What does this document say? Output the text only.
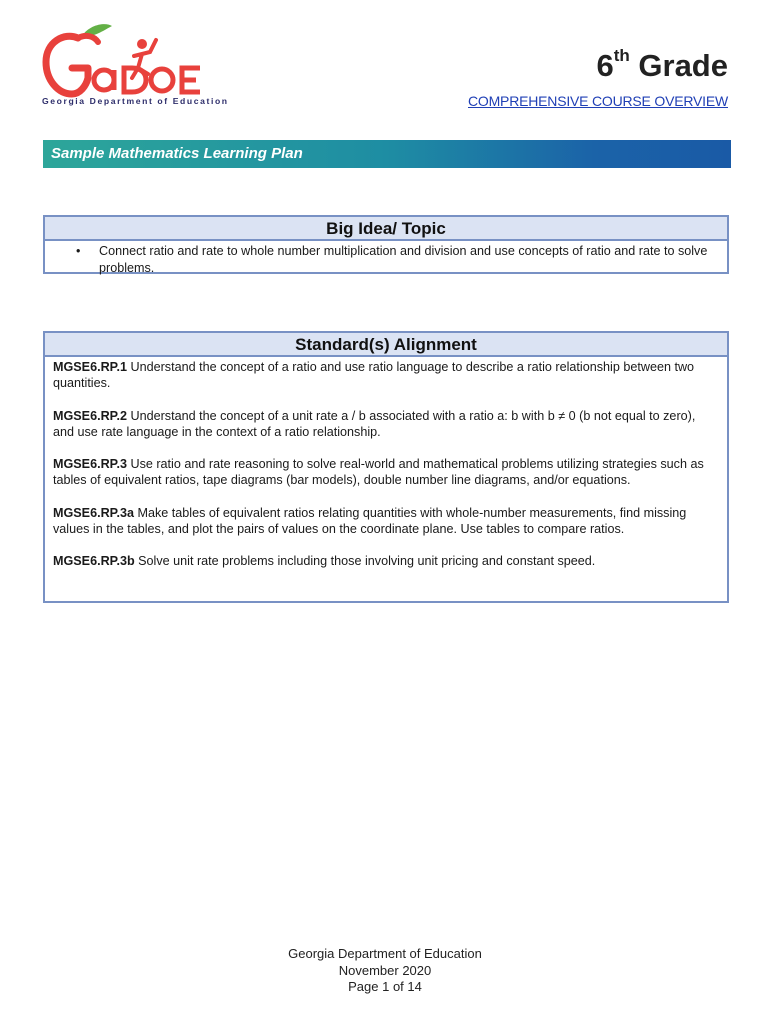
Georgia Department of Education
6th Grade
COMPREHENSIVE COURSE OVERVIEW
Sample Mathematics Learning Plan
Big Idea/ Topic
• Connect ratio and rate to whole number multiplication and division and use concepts of ratio and rate to solve problems.
Standard(s) Alignment

MGSE6.RP.1 Understand the concept of a ratio and use ratio language to describe a ratio relationship between two quantities.

MGSE6.RP.2 Understand the concept of a unit rate a / b associated with a ratio a: b with b ≠ 0 (b not equal to zero), and use rate language in the context of a ratio relationship.

MGSE6.RP.3 Use ratio and rate reasoning to solve real-world and mathematical problems utilizing strategies such as tables of equivalent ratios, tape diagrams (bar models), double number line diagrams, and/or equations.

MGSE6.RP.3a Make tables of equivalent ratios relating quantities with whole-number measurements, find missing values in the tables, and plot the pairs of values on the coordinate plane. Use tables to compare ratios.

MGSE6.RP.3b Solve unit rate problems including those involving unit pricing and constant speed.

Georgia Department of Education
November 2020
Page 1 of 14
